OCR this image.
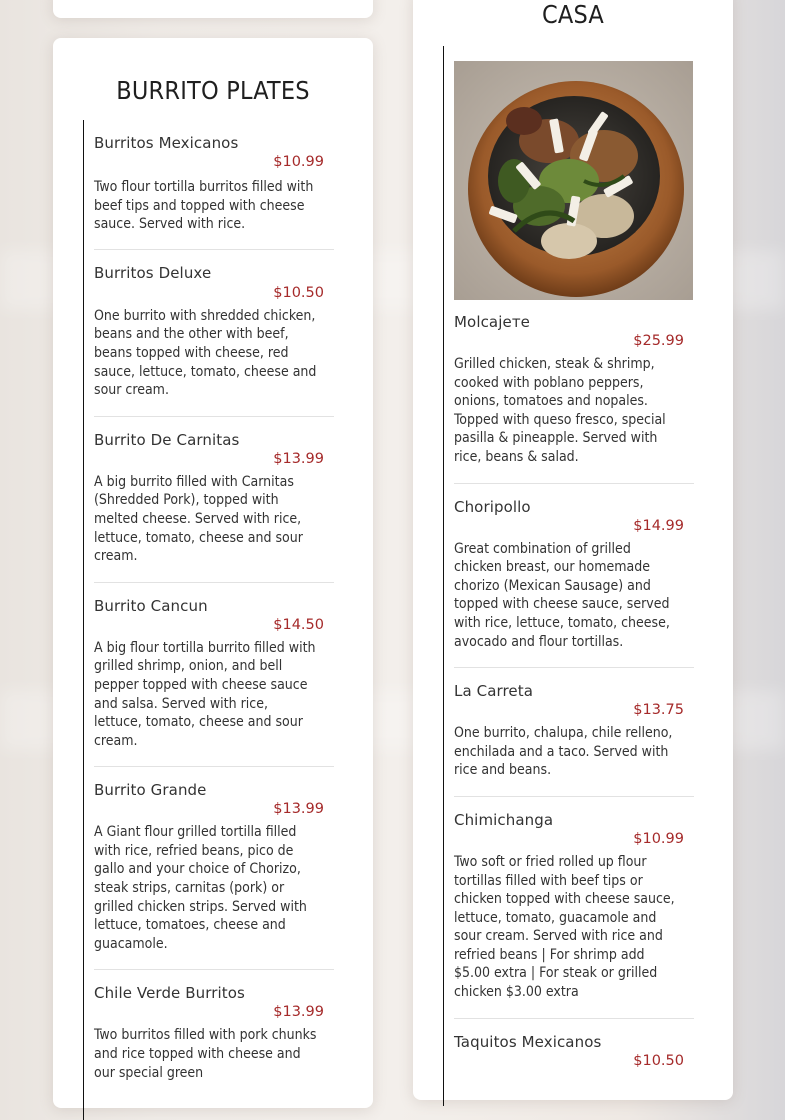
BURRITO PLATES
Burritos Mexicanos
$10.99
Two flour tortilla burritos filled with beef tips and topped with cheese sauce. Served with rice.
Burritos Deluxe
$10.50
One burrito with shredded chicken, beans and the other with beef, beans topped with cheese, red sauce, lettuce, tomato, cheese and sour cream.
Burrito De Carnitas
$13.99
A big burrito filled with Carnitas (Shredded Pork), topped with melted cheese. Served with rice, lettuce, tomato, cheese and sour cream.
Burrito Cancun
$14.50
A big flour tortilla burrito filled with grilled shrimp, onion, and bell pepper topped with cheese sauce and salsa. Served with rice, lettuce, tomato, cheese and sour cream.
Burrito Grande
$13.99
A Giant flour grilled tortilla filled with rice, refried beans, pico de gallo and your choice of Chorizo, steak strips, carnitas (pork) or grilled chicken strips. Served with lettuce, tomatoes, cheese and guacamole.
Chile Verde Burritos
$13.99
Two burritos filled with pork chunks and rice topped with cheese and our special green
CASA
Molcajeте
$25.99
Grilled chicken, steak & shrimp, cooked with poblano peppers, onions, tomatoes and nopales. Topped with queso fresco, special pasilla & pineapple. Served with rice, beans & salad.
Choripollo
$14.99
Great combination of grilled chicken breast, our homemade chorizo (Mexican Sausage) and topped with cheese sauce, served with rice, lettuce, tomato, cheese, avocado and flour tortillas.
La Carreta
$13.75
One burrito, chalupa, chile relleno, enchilada and a taco. Served with rice and beans.
Chimichanga
$10.99
Two soft or fried rolled up flour tortillas filled with beef tips or chicken topped with cheese sauce, lettuce, tomato, guacamole and sour cream. Served with rice and refried beans | For shrimp add $5.00 extra | For steak or grilled chicken $3.00 extra
Taquitos Mexicanos
$10.50
